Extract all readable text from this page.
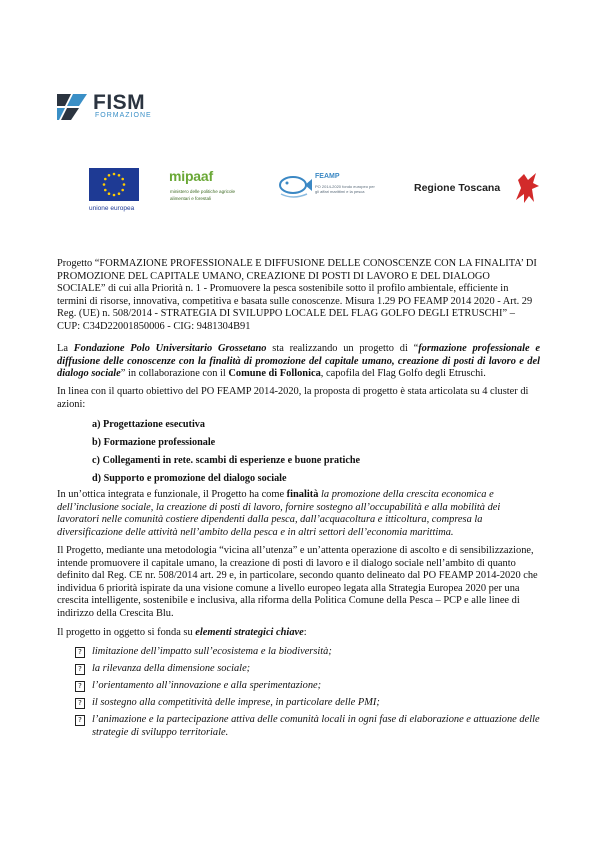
FISM
FORMAZIONE
unione europea
mipaaf
ministero delle politiche agricole alimentari e forestali
FEAMP
PO 2014-2020 fondo europeo per gli affari marittimi e la pesca	Regione Toscana

Progetto “FORMAZIONE PROFESSIONALE E DIFFUSIONE DELLE CONOSCENZE CON LA FINALITA’ DI PROMOZIONE DEL CAPITALE UMANO, CREAZIONE DI POSTI DI LAVORO E DEL DIALOGO SOCIALE” di cui alla Priorità n. 1 - Promuovere la pesca sostenibile sotto il profilo ambientale, efficiente in termini di risorse, innovativa, competitiva e basata sulle conoscenze. Misura 1.29 PO FEAMP 2014 2020 - Art. 29 Reg. (UE) n. 508/2014 - STRATEGIA DI SVILUPPO LOCALE DEL FLAG GOLFO DEGLI ETRUSCHI” – CUP: C34D22001850006 - CIG: 9481304B91

La Fondazione Polo Universitario Grossetano sta realizzando un progetto di “formazione professionale e diffusione delle conoscenze con la finalità di promozione del capitale umano, creazione di posti di lavoro e del dialogo sociale” in collaborazione con il Comune di Follonica, capofila del Flag Golfo degli Etruschi.

In linea con il quarto obiettivo del PO FEAMP 2014-2020, la proposta di progetto è stata articolata su 4 cluster di azioni:

a) Progettazione esecutiva
b) Formazione professionale
c) Collegamenti in rete. scambi di esperienze e buone pratiche
d) Supporto e promozione del dialogo sociale

In un’ottica integrata e funzionale, il Progetto ha come finalità la promozione della crescita economica e dell’inclusione sociale, la creazione di posti di lavoro, fornire sostegno all’occupabilità e alla mobilità dei lavoratori nelle comunità costiere dipendenti dalla pesca, dall’acquacoltura e itticoltura, compresa la diversificazione delle attività nell’ambito della pesca e in altri settori dell’economia marittima.

Il Progetto, mediante una metodologia “vicina all’utenza” e un’attenta operazione di ascolto e di sensibilizzazione, intende promuovere il capitale umano, la creazione di posti di lavoro e il dialogo sociale nell’ambito di quanto definito dal Reg. CE nr. 508/2014 art. 29 e, in particolare, secondo quanto delineato dal PO FEAMP 2014-2020 che individua 6 priorità ispirate da una visione comune a livello europeo legata alla Strategia Europea 2020 per una crescita intelligente, sostenibile e inclusiva, alla riforma della Politica Comune della Pesca – PCP e alle linee di indirizzo della Crescita Blu.

Il progetto in oggetto si fonda su elementi strategici chiave:

? limitazione dell’impatto sull’ecosistema e la biodiversità;
? la rilevanza della dimensione sociale;
? l’orientamento all’innovazione e alla sperimentazione;
? il sostegno alla competitività delle imprese, in particolare delle PMI;
? l’animazione e la partecipazione attiva delle comunità locali in ogni fase di elaborazione e attuazione delle strategie di sviluppo territoriale.
